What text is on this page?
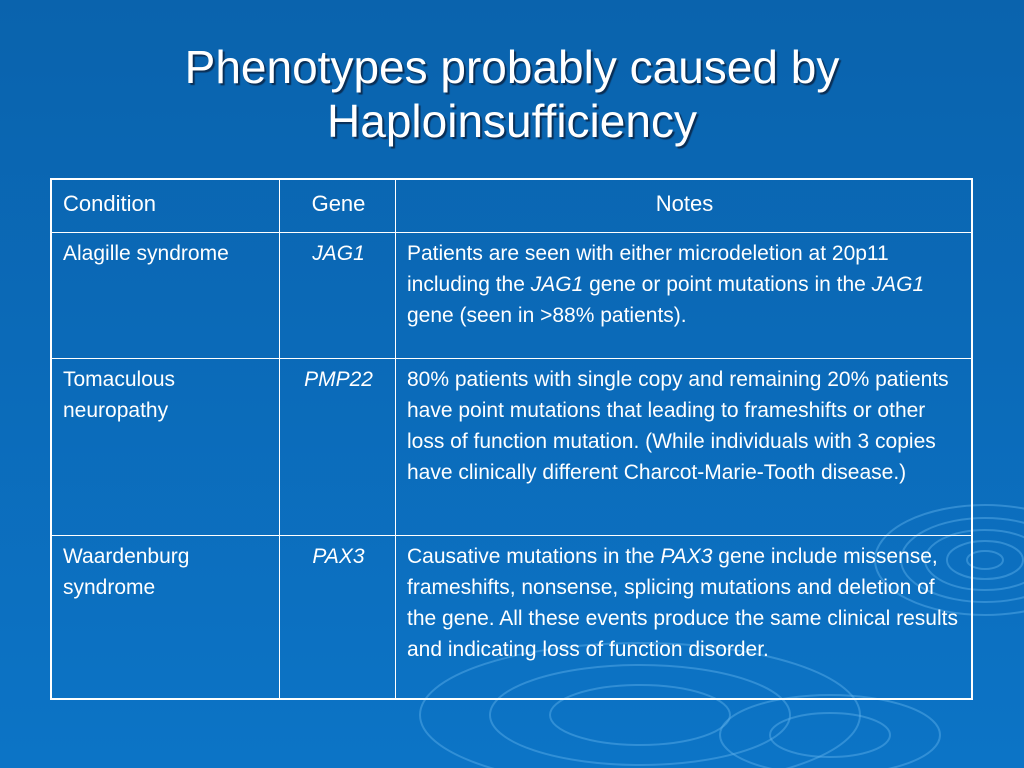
Phenotypes probably caused by
Haploinsufficiency
Condition	Gene	Notes
Alagille syndrome	JAG1	Patients are seen with either microdeletion at 20p11 including the JAG1 gene or point mutations in the JAG1 gene (seen in >88% patients).
Tomaculous neuropathy	PMP22	80% patients with single copy and remaining 20% patients have point mutations that leading to frameshifts or other loss of function mutation. (While individuals with 3 copies have clinically different Charcot-Marie-Tooth disease.)
Waardenburg syndrome	PAX3	Causative mutations in the PAX3 gene include missense, frameshifts, nonsense, splicing mutations and deletion of the gene. All these events produce the same clinical results and indicating loss of function disorder.
